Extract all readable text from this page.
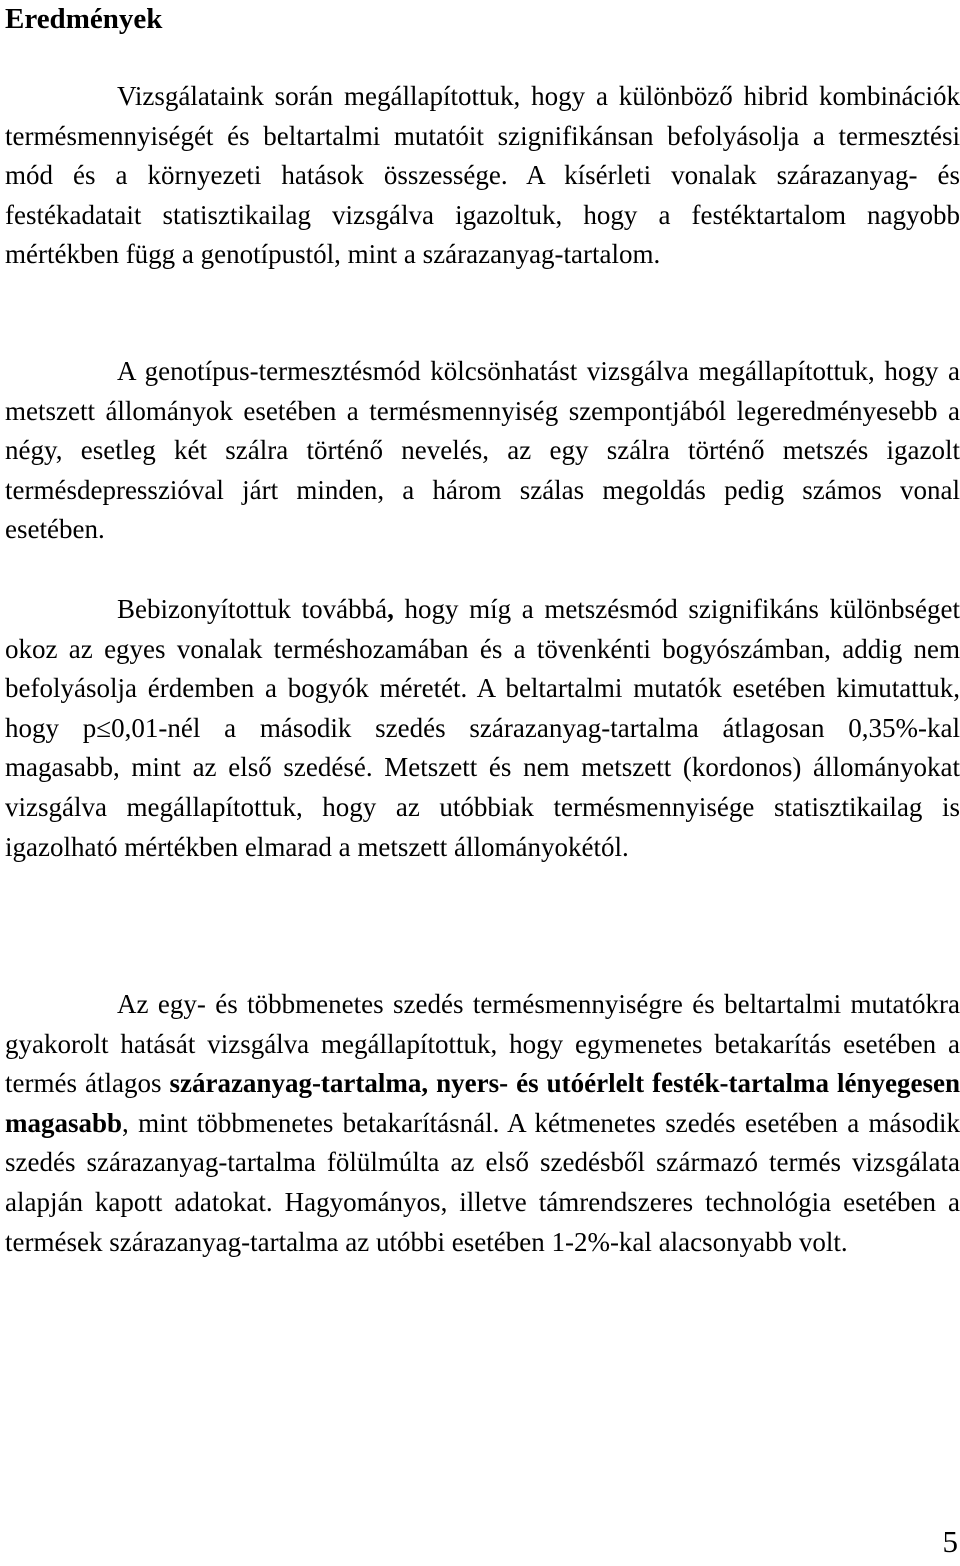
Eredmények

Vizsgálataink során megállapítottuk, hogy a különböző hibrid kombinációk termésmennyiségét és beltartalmi mutatóit szignifikánsan befolyásolja a termesztési mód és a környezeti hatások összessége. A kísérleti vonalak szárazanyag- és festékadatait statisztikailag vizsgálva igazoltuk, hogy a festéktartalom nagyobb mértékben függ a genotípustól, mint a szárazanyag-tartalom.

A genotípus-termesztésmód kölcsönhatást vizsgálva megállapítottuk, hogy a metszett állományok esetében a termésmennyiség szempontjából legeredményesebb a négy, esetleg két szálra történő nevelés, az egy szálra történő metszés igazolt termésdepresszióval járt minden, a három szálas megoldás pedig számos vonal esetében.

Bebizonyítottuk továbbá, hogy míg a metszésmód szignifikáns különbséget okoz az egyes vonalak terméshozamában és a tövenkénti bogyószámban, addig nem befolyásolja érdemben a bogyók méretét. A beltartalmi mutatók esetében kimutattuk, hogy p≤0,01-nél a második szedés szárazanyag-tartalma átlagosan 0,35%-kal magasabb, mint az első szedésé. Metszett és nem metszett (kordonos) állományokat vizsgálva megállapítottuk, hogy az utóbbiak termésmennyisége statisztikailag is igazolható mértékben elmarad a metszett állományokétól.

Az egy- és többmenetes szedés termésmennyiségre és beltartalmi mutatókra gyakorolt hatását vizsgálva megállapítottuk, hogy egymenetes betakarítás esetében a termés átlagos szárazanyag-tartalma, nyers- és utóérlelt festék-tartalma lényegesen magasabb, mint többmenetes betakarításnál. A kétmenetes szedés esetében a második szedés szárazanyag-tartalma fölülmúlta az első szedésből származó termés vizsgálata alapján kapott adatokat. Hagyományos, illetve támrendszeres technológia esetében a termések szárazanyag-tartalma az utóbbi esetében 1-2%-kal alacsonyabb volt.

5
